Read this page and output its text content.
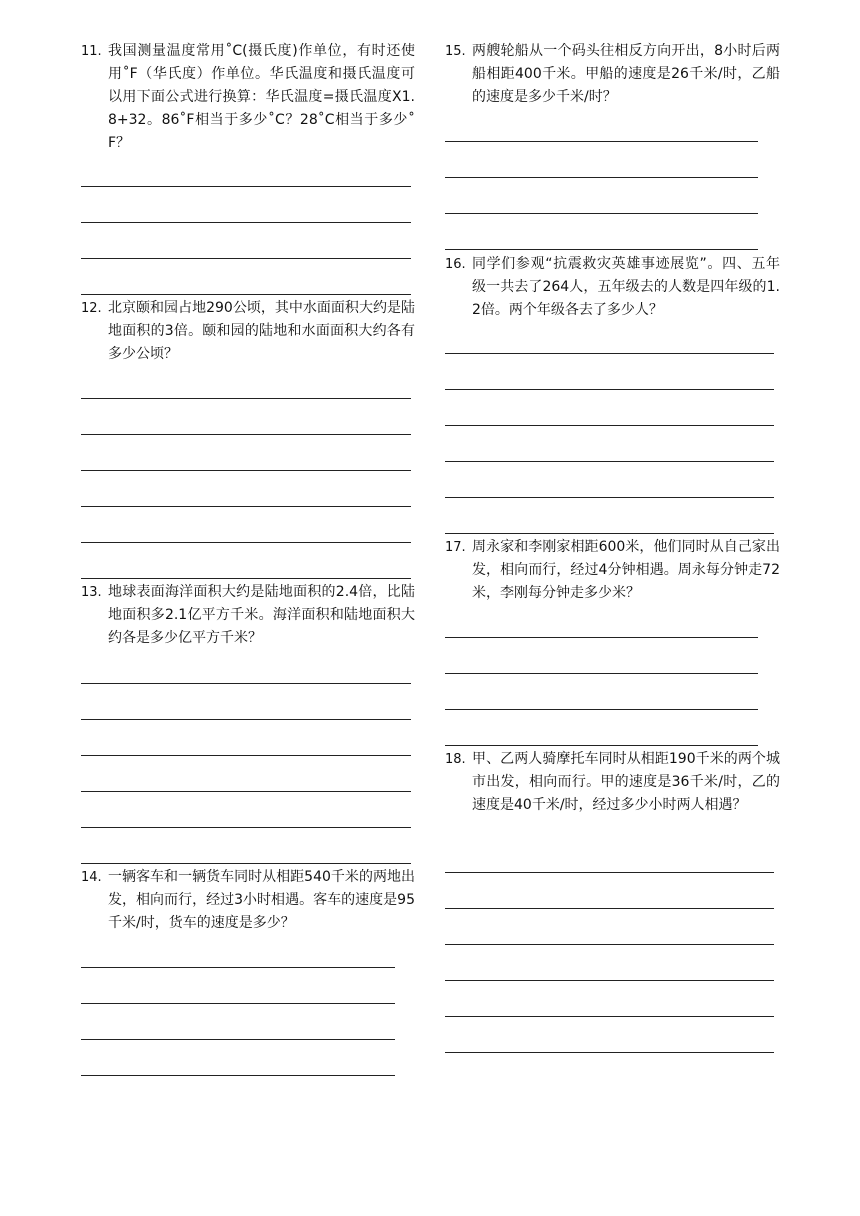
11. 我国测量温度常用˚C(摄氏度)作单位，有时还使用˚F（华氏度）作单位。华氏温度和摄氏温度可以用下面公式进行换算：华氏温度=摄氏温度X1.8+32。86˚F相当于多少˚C？28˚C相当于多少˚F？
12. 北京颐和园占地290公顷，其中水面面积大约是陆地面积的3倍。颐和园的陆地和水面面积大约各有多少公顷？
13. 地球表面海洋面积大约是陆地面积的2.4倍，比陆地面积多2.1亿平方千米。海洋面积和陆地面积大约各是多少亿平方千米？
14. 一辆客车和一辆货车同时从相距540千米的两地出发，相向而行，经过3小时相遇。客车的速度是95千米/时，货车的速度是多少？
15. 两艘轮船从一个码头往相反方向开出，8小时后两船相距400千米。甲船的速度是26千米/时，乙船的速度是多少千米/时？
16. 同学们参观“抗震救灾英雄事迹展览”。四、五年级一共去了264人，五年级去的人数是四年级的1.2倍。两个年级各去了多少人？
17. 周永家和李刚家相距600米，他们同时从自己家出发，相向而行，经过4分钟相遇。周永每分钟走72米，李刚每分钟走多少米？
18. 甲、乙两人骑摩托车同时从相距190千米的两个城市出发，相向而行。甲的速度是36千米/时，乙的速度是40千米/时，经过多少小时两人相遇？
